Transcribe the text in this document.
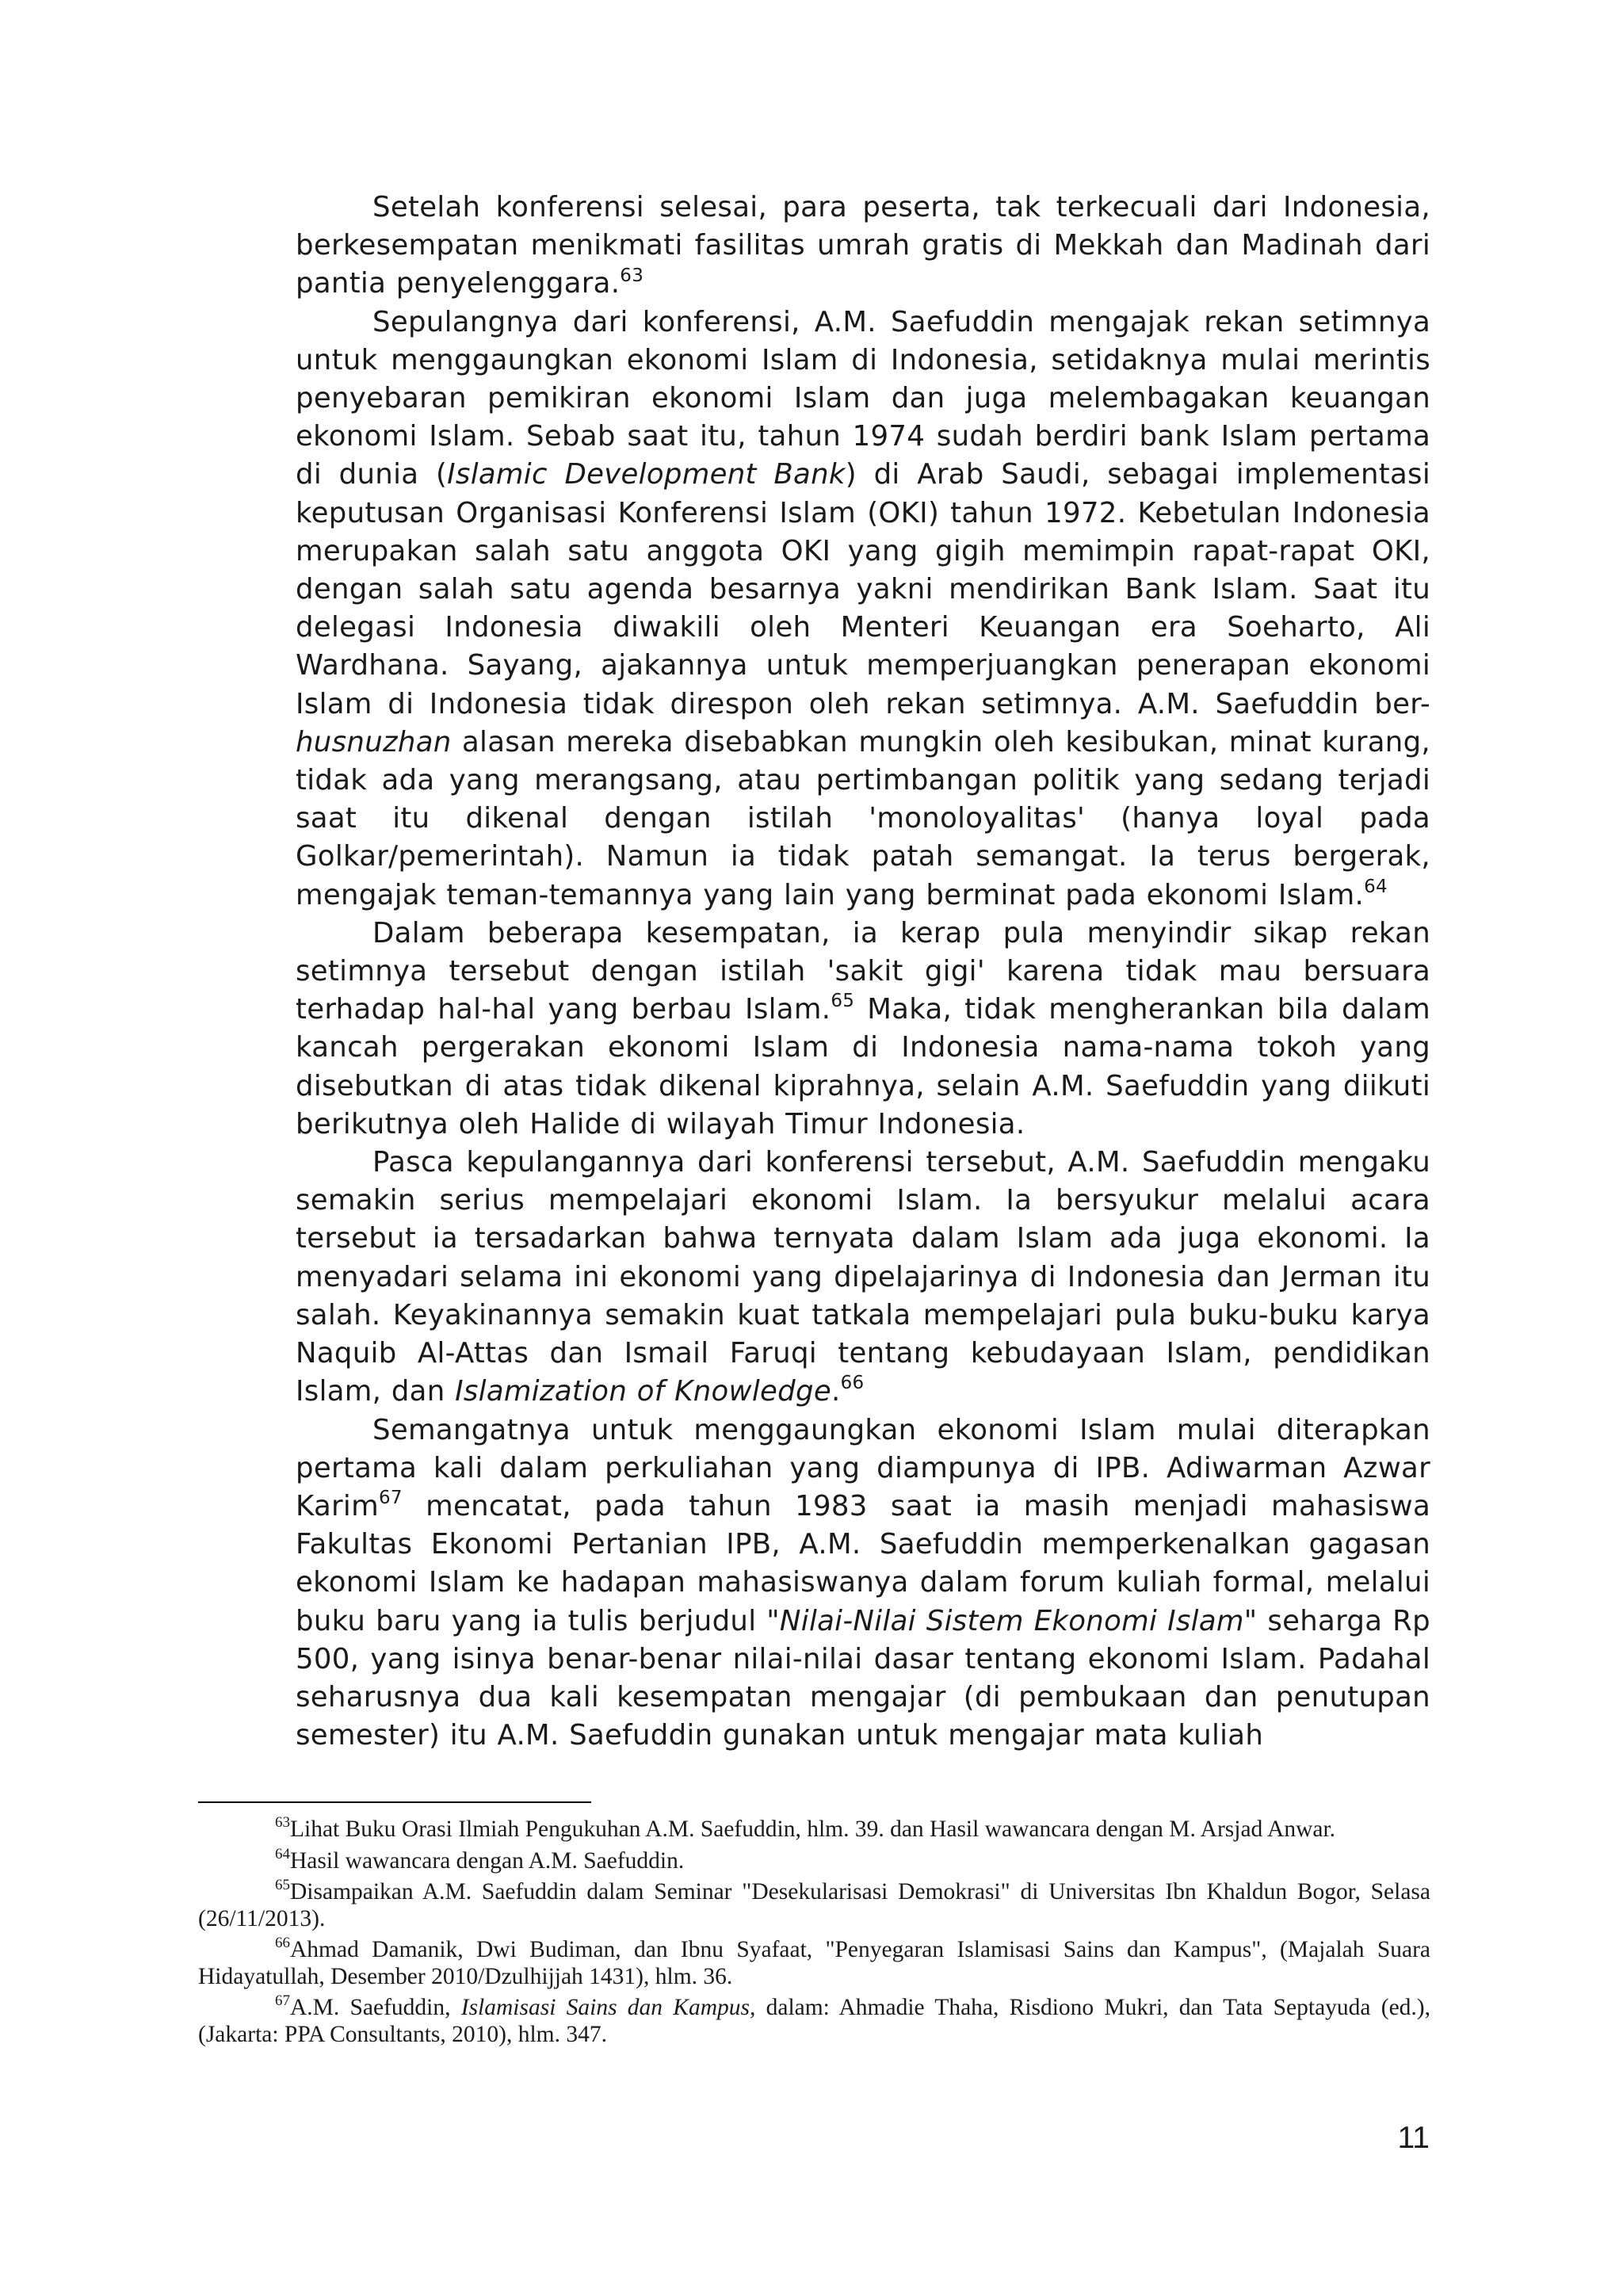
Setelah konferensi selesai, para peserta, tak terkecuali dari Indonesia, berkesempatan menikmati fasilitas umrah gratis di Mekkah dan Madinah dari pantia penyelenggara.$^{63}$

Sepulangnya dari konferensi, A.M. Saefuddin mengajak rekan setimnya untuk menggaungkan ekonomi Islam di Indonesia, setidaknya mulai merintis penyebaran pemikiran ekonomi Islam dan juga melembagakan keuangan ekonomi Islam. Sebab saat itu, tahun 1974 sudah berdiri bank Islam pertama di dunia (Islamic Development Bank) di Arab Saudi, sebagai implementasi keputusan Organisasi Konferensi Islam (OKI) tahun 1972. Kebetulan Indonesia merupakan salah satu anggota OKI yang gigih memimpin rapat-rapat OKI, dengan salah satu agenda besarnya yakni mendirikan Bank Islam. Saat itu delegasi Indonesia diwakili oleh Menteri Keuangan era Soeharto, Ali Wardhana. Sayang, ajakannya untuk memperjuangkan penerapan ekonomi Islam di Indonesia tidak direspon oleh rekan setimnya. A.M. Saefuddin ber-husnuzhan alasan mereka disebabkan mungkin oleh kesibukan, minat kurang, tidak ada yang merangsang, atau pertimbangan politik yang sedang terjadi saat itu dikenal dengan istilah 'monoloyalitas' (hanya loyal pada Golkar/pemerintah). Namun ia tidak patah semangat. Ia terus bergerak, mengajak teman-temannya yang lain yang berminat pada ekonomi Islam.$^{64}$

Dalam beberapa kesempatan, ia kerap pula menyindir sikap rekan setimnya tersebut dengan istilah 'sakit gigi' karena tidak mau bersuara terhadap hal-hal yang berbau Islam.$^{65}$ Maka, tidak mengherankan bila dalam kancah pergerakan ekonomi Islam di Indonesia nama-nama tokoh yang disebutkan di atas tidak dikenal kiprahnya, selain A.M. Saefuddin yang diikuti berikutnya oleh Halide di wilayah Timur Indonesia.

Pasca kepulangannya dari konferensi tersebut, A.M. Saefuddin mengaku semakin serius mempelajari ekonomi Islam. Ia bersyukur melalui acara tersebut ia tersadarkan bahwa ternyata dalam Islam ada juga ekonomi. Ia menyadari selama ini ekonomi yang dipelajarinya di Indonesia dan Jerman itu salah. Keyakinannya semakin kuat tatkala mempelajari pula buku-buku karya Naquib Al-Attas dan Ismail Faruqi tentang kebudayaan Islam, pendidikan Islam, dan Islamization of Knowledge.$^{66}$

Semangatnya untuk menggaungkan ekonomi Islam mulai diterapkan pertama kali dalam perkuliahan yang diampunya di IPB. Adiwarman Azwar Karim$^{67}$ mencatat, pada tahun 1983 saat ia masih menjadi mahasiswa Fakultas Ekonomi Pertanian IPB, A.M. Saefuddin memperkenalkan gagasan ekonomi Islam ke hadapan mahasiswanya dalam forum kuliah formal, melalui buku baru yang ia tulis berjudul "Nilai-Nilai Sistem Ekonomi Islam" seharga Rp 500, yang isinya benar-benar nilai-nilai dasar tentang ekonomi Islam. Padahal seharusnya dua kali kesempatan mengajar (di pembukaan dan penutupan semester) itu A.M. Saefuddin gunakan untuk mengajar mata kuliah

$^{63}$Lihat Buku Orasi Ilmiah Pengukuhan A.M. Saefuddin, hlm. 39. dan Hasil wawancara dengan M. Arsjad Anwar.

$^{64}$Hasil wawancara dengan A.M. Saefuddin.

$^{65}$Disampaikan A.M. Saefuddin dalam Seminar "Desekularisasi Demokrasi" di Universitas Ibn Khaldun Bogor, Selasa (26/11/2013).

$^{66}$Ahmad Damanik, Dwi Budiman, dan Ibnu Syafaat, "Penyegaran Islamisasi Sains dan Kampus", (Majalah Suara Hidayatullah, Desember 2010/Dzulhijjah 1431), hlm. 36.

$^{67}$A.M. Saefuddin, Islamisasi Sains dan Kampus, dalam: Ahmadie Thaha, Risdiono Mukri, dan Tata Septayuda (ed.), (Jakarta: PPA Consultants, 2010), hlm. 347.

11
